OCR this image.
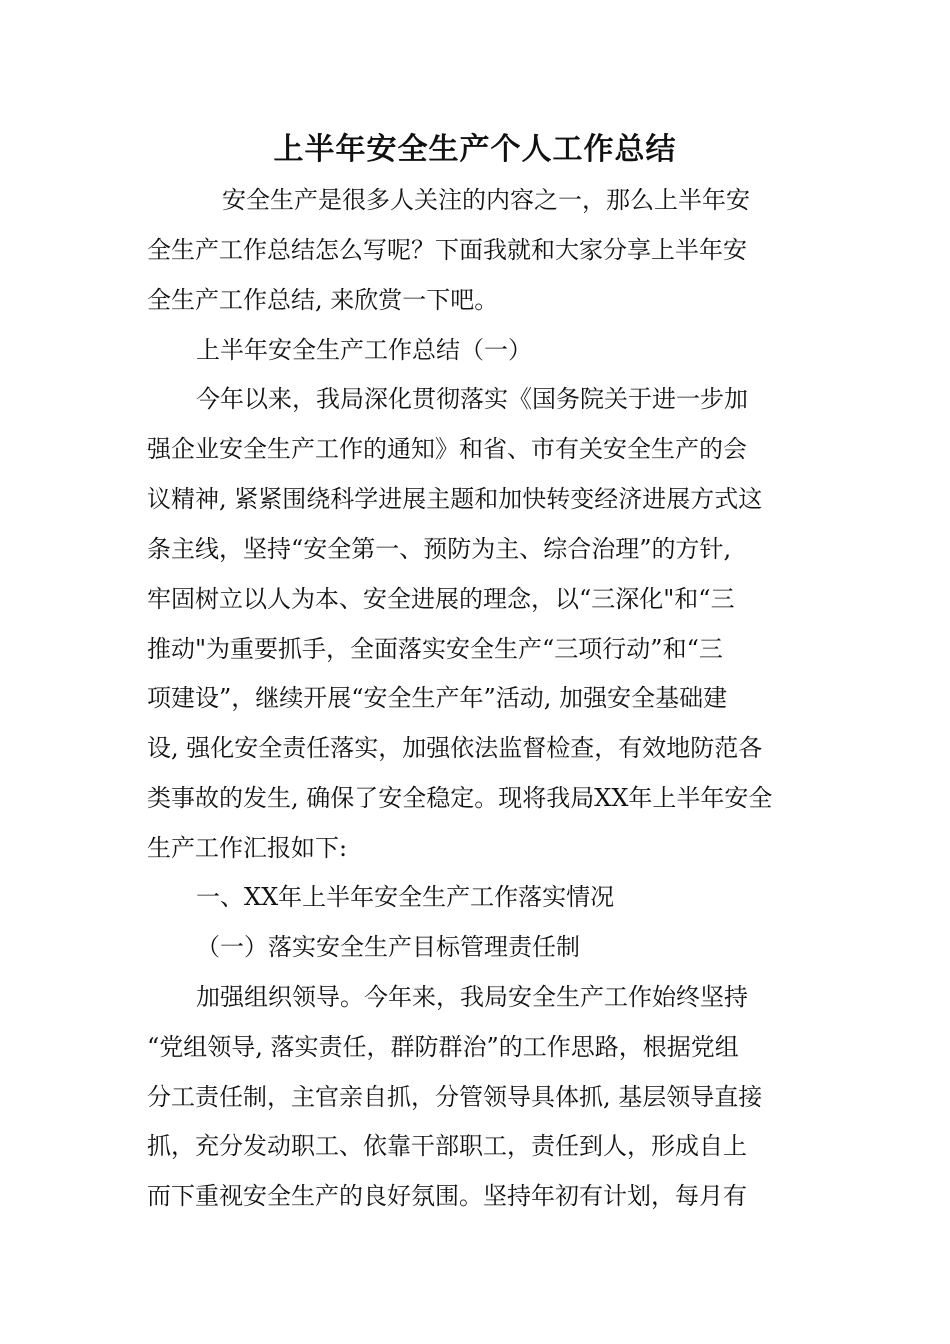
上半年安全生产个人工作总结
安全生产是很多人关注的内容之一，那么上半年安
全生产工作总结怎么写呢？下面我就和大家分享上半年安
全生产工作总结, 来欣赏一下吧。
上半年安全生产工作总结（一）
今年以来，我局深化贯彻落实《国务院关于进一步加
强企业安全生产工作的通知》和省、市有关安全生产的会
议精神, 紧紧围绕科学进展主题和加快转变经济进展方式这
条主线，坚持“安全第一、预防为主、综合治理”的方针,
牢固树立以人为本、安全进展的理念，以“三深化"和“三
推动"为重要抓手，全面落实安全生产“三项行动”和“三
项建设”，继续开展“安全生产年”活动, 加强安全基础建
设, 强化安全责任落实，加强依法监督检查，有效地防范各
类事故的发生, 确保了安全稳定。现将我局XX年上半年安全
生产工作汇报如下:
一、XX年上半年安全生产工作落实情况
（一）落实安全生产目标管理责任制
加强组织领导。今年来，我局安全生产工作始终坚持
“党组领导, 落实责任，群防群治”的工作思路，根据党组
分工责任制，主官亲自抓，分管领导具体抓, 基层领导直接
抓，充分发动职工、依靠干部职工，责任到人，形成自上
而下重视安全生产的良好氛围。坚持年初有计划，每月有
